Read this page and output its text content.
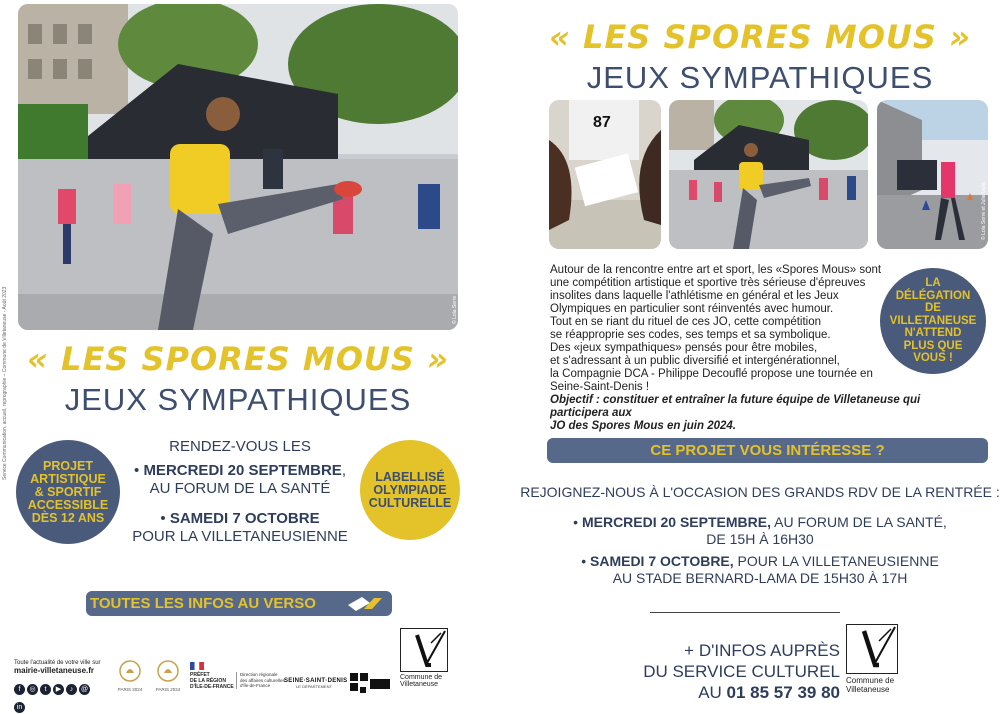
Service Communication, accueil, reprographie – Commune de Villetaneuse - Août 2023	© Lola Serre
« LES SPORES MOUS »
JEUX SYMPATHIQUES
PROJET
ARTISTIQUE
& SPORTIF
ACCESSIBLE
DÈS 12 ANS
LABELLISÉ
OLYMPIADE
CULTURELLE
RENDEZ-VOUS LES
• MERCREDI 20 SEPTEMBRE,
AU FORUM DE LA SANTÉ
• SAMEDI 7 OCTOBRE
POUR LA VILLETANEUSIENNE
TOUTES LES INFOS AU VERSO
Toute l'actualité de votre ville sur
mairie-villetaneuse.fr
f ◎ t ▶ ♪ @in
PARIS 2024	PARIS 2024
PRÉFET
DE LA RÉGION
D'ÎLE-DE-FRANCE
Direction régionale
des affaires culturelles
d'Île-de-France
SEINE·SAINT·DENIS
LE DÉPARTEMENT
Commune de
Villetaneuse
« LES SPORES MOUS »
JEUX SYMPATHIQUES
87
© Lola Serre et Julie Valla
Autour de la rencontre entre art et sport, les «Spores Mous» sont
une compétition artistique et sportive très sérieuse d'épreuves
insolites dans laquelle l'athlétisme en général et les Jeux
Olympiques en particulier sont réinventés avec humour.
Tout en se riant du rituel de ces JO, cette compétition
se réapproprie ses codes, ses temps et sa symbolique.
Des «jeux sympathiques» pensés pour être mobiles,
et s'adressant à un public diversifié et intergénérationnel,
la Compagnie DCA - Philippe Decouflé propose une tournée en
Seine-Saint-Denis !
Objectif : constituer et entraîner la future équipe de Villetaneuse qui participera aux
JO des Spores Mous en juin 2024.
LA
DÉLÉGATION
DE
VILLETANEUSE
N'ATTEND
PLUS QUE
VOUS !
CE PROJET VOUS INTÉRESSE ?
REJOIGNEZ-NOUS À L'OCCASION DES GRANDS RDV DE LA RENTRÉE :
• MERCREDI 20 SEPTEMBRE, AU FORUM DE LA SANTÉ,
DE 15H À 16H30
• SAMEDI 7 OCTOBRE, POUR LA VILLETANEUSIENNE
AU STADE BERNARD-LAMA DE 15H30 À 17H
+ D'INFOS AUPRÈS
DU SERVICE CULTUREL
AU 01 85 57 39 80
Commune de
Villetaneuse
